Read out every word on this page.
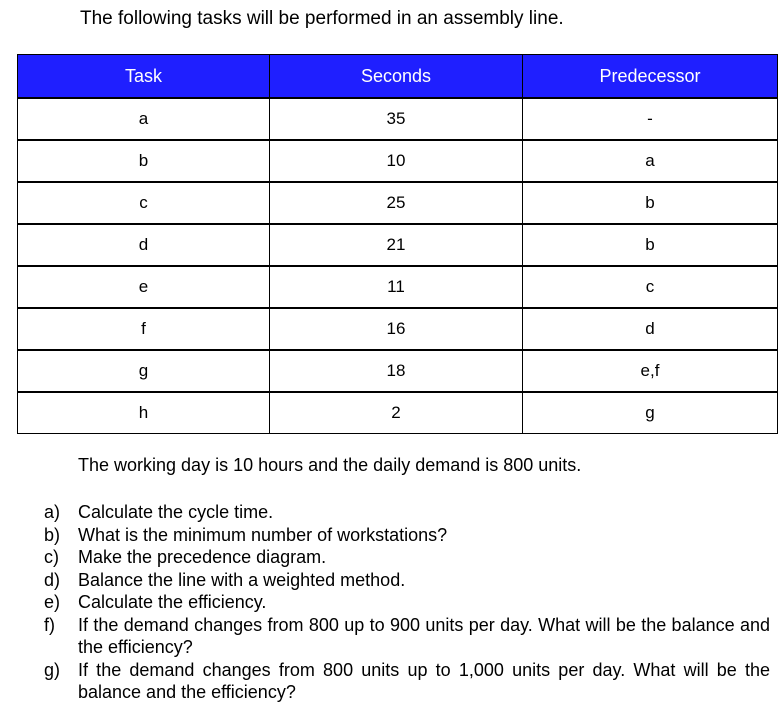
The following tasks will be performed in an assembly line.

Task	Seconds	Predecessor
a	35	-
b	10	a
c	25	b
d	21	b
e	11	c
f	16	d
g	18	e,f
h	2	g

The working day is 10 hours and the daily demand is 800 units.

a) Calculate the cycle time.
b) What is the minimum number of workstations?
c) Make the precedence diagram.
d) Balance the line with a weighted method.
e) Calculate the efficiency.
f) If the demand changes from 800 up to 900 units per day. What will be the balance and the efficiency?
g) If the demand changes from 800 units up to 1,000 units per day. What will be the balance and the efficiency?
